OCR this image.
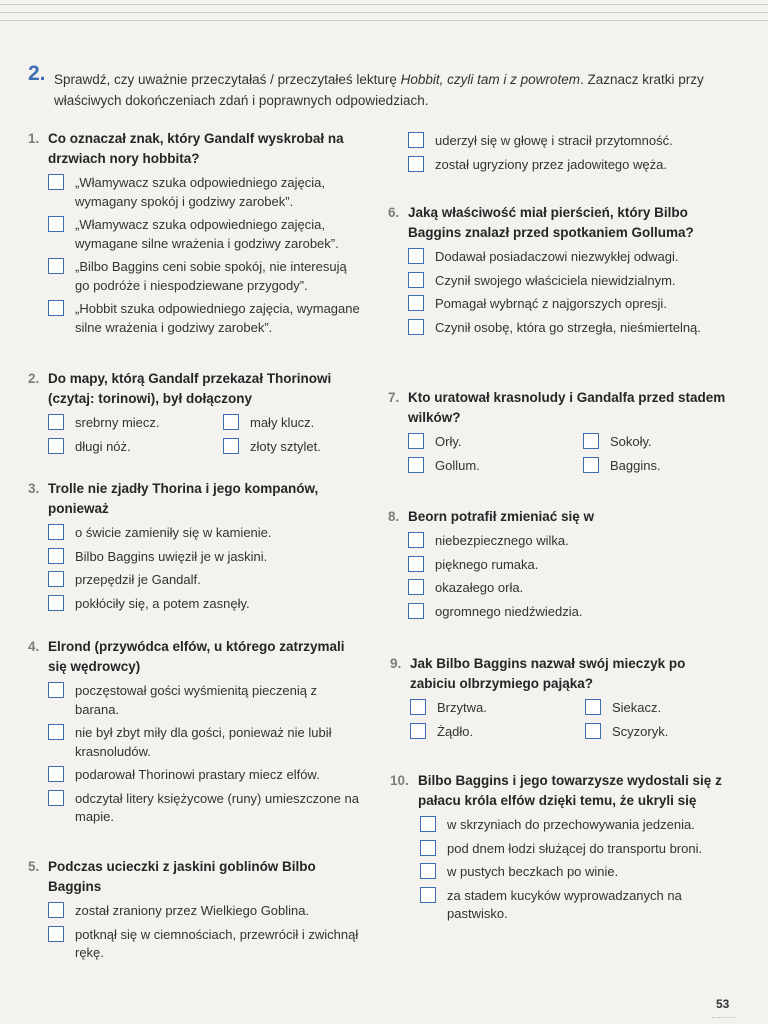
2. Sprawdź, czy uważnie przeczytałaś / przeczytałeś lekturę Hobbit, czyli tam i z powrotem. Zaznacz kratki przy właściwych dokończeniach zdań i poprawnych odpowiedziach.
1. Co oznaczał znak, który Gandalf wyskrobał na drzwiach nory hobbita?
„Włamywacz szuka odpowiedniego zajęcia, wymagany spokój i godziwy zarobek”.
„Włamywacz szuka odpowiedniego zajęcia, wymagane silne wrażenia i godziwy zarobek”.
„Bilbo Baggins ceni sobie spokój, nie interesują go podróże i niespodziewane przygody”.
„Hobbit szuka odpowiedniego zajęcia, wymagane silne wrażenia i godziwy zarobek”.
2. Do mapy, którą Gandalf przekazał Thorinowi (czytaj: torinowi), był dołączony
srebrny miecz.	mały klucz.
długi nóż.	złoty sztylet.
3. Trolle nie zjadły Thorina i jego kompanów, ponieważ
o świcie zamieniły się w kamienie.
Bilbo Baggins uwięził je w jaskini.
przepędził je Gandalf.
pokłóciły się, a potem zasnęły.
4. Elrond (przywódca elfów, u którego zatrzymali się wędrowcy)
poczęstował gości wyśmienitą pieczenią z barana.
nie był zbyt miły dla gości, ponieważ nie lubił krasnoludów.
podarował Thorinowi prastary miecz elfów.
odczytał litery księżycowe (runy) umieszczone na mapie.
5. Podczas ucieczki z jaskini goblinów Bilbo Baggins
został zraniony przez Wielkiego Goblina.
potknął się w ciemnościach, przewrócił i zwichnął rękę.
uderzył się w głowę i stracił przytomność.
został ugryziony przez jadowitego węża.
6. Jaką właściwość miał pierścień, który Bilbo Baggins znalazł przed spotkaniem Golluma?
Dodawał posiadaczowi niezwykłej odwagi.
Czynił swojego właściciela niewidzialnym.
Pomagał wybrnąć z najgorszych opresji.
Czynił osobę, która go strzegła, nieśmiertelną.
7. Kto uratował krasnoludy i Gandalfa przed stadem wilków?
Orły.	Sokoły.
Gollum.	Baggins.
8. Beorn potrafił zmieniać się w
niebezpiecznego wilka.
pięknego rumaka.
okazałego orła.
ogromnego niedźwiedzia.
9. Jak Bilbo Baggins nazwał swój mieczyk po zabiciu olbrzymiego pająka?
Brzytwa.	Siekacz.
Żądło.	Scyzoryk.
10. Bilbo Baggins i jego towarzysze wydostali się z pałacu króla elfów dzięki temu, że ukryli się
w skrzyniach do przechowywania jedzenia.
pod dnem łodzi służącej do transportu broni.
w pustych beczkach po winie.
za stadem kucyków wyprowadzanych na pastwisko.
53
